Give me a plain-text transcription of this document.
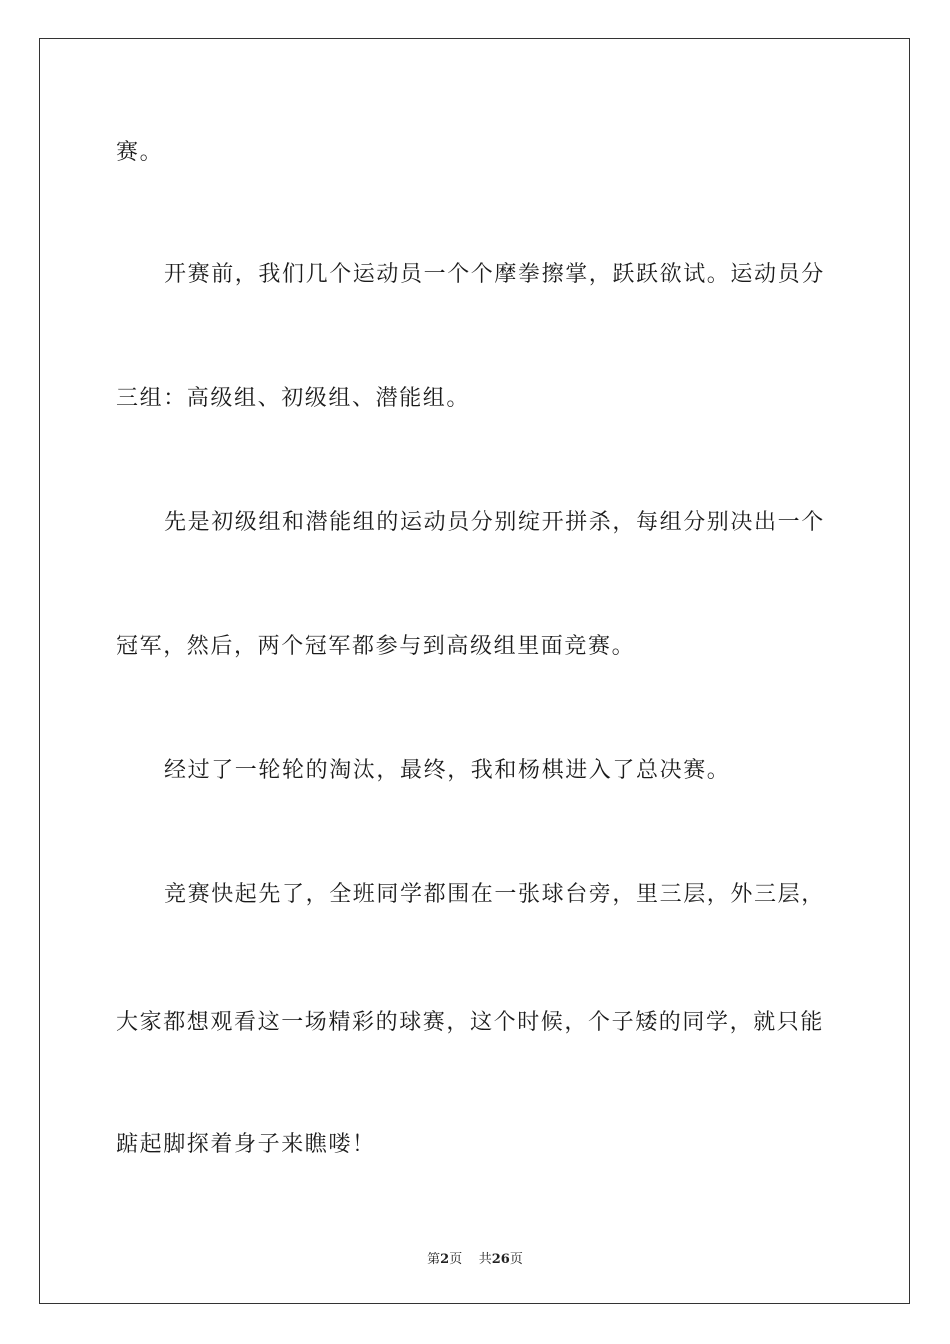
赛。
开赛前，我们几个运动员一个个摩拳擦掌，跃跃欲试。运动员分
三组：高级组、初级组、潜能组。
先是初级组和潜能组的运动员分别绽开拼杀，每组分别决出一个
冠军，然后，两个冠军都参与到高级组里面竞赛。
经过了一轮轮的淘汰，最终，我和杨棋进入了总决赛。
竞赛快起先了，全班同学都围在一张球台旁，里三层，外三层，
大家都想观看这一场精彩的球赛，这个时候，个子矮的同学，就只能
踮起脚探着身子来瞧喽！
第2页 共26页
